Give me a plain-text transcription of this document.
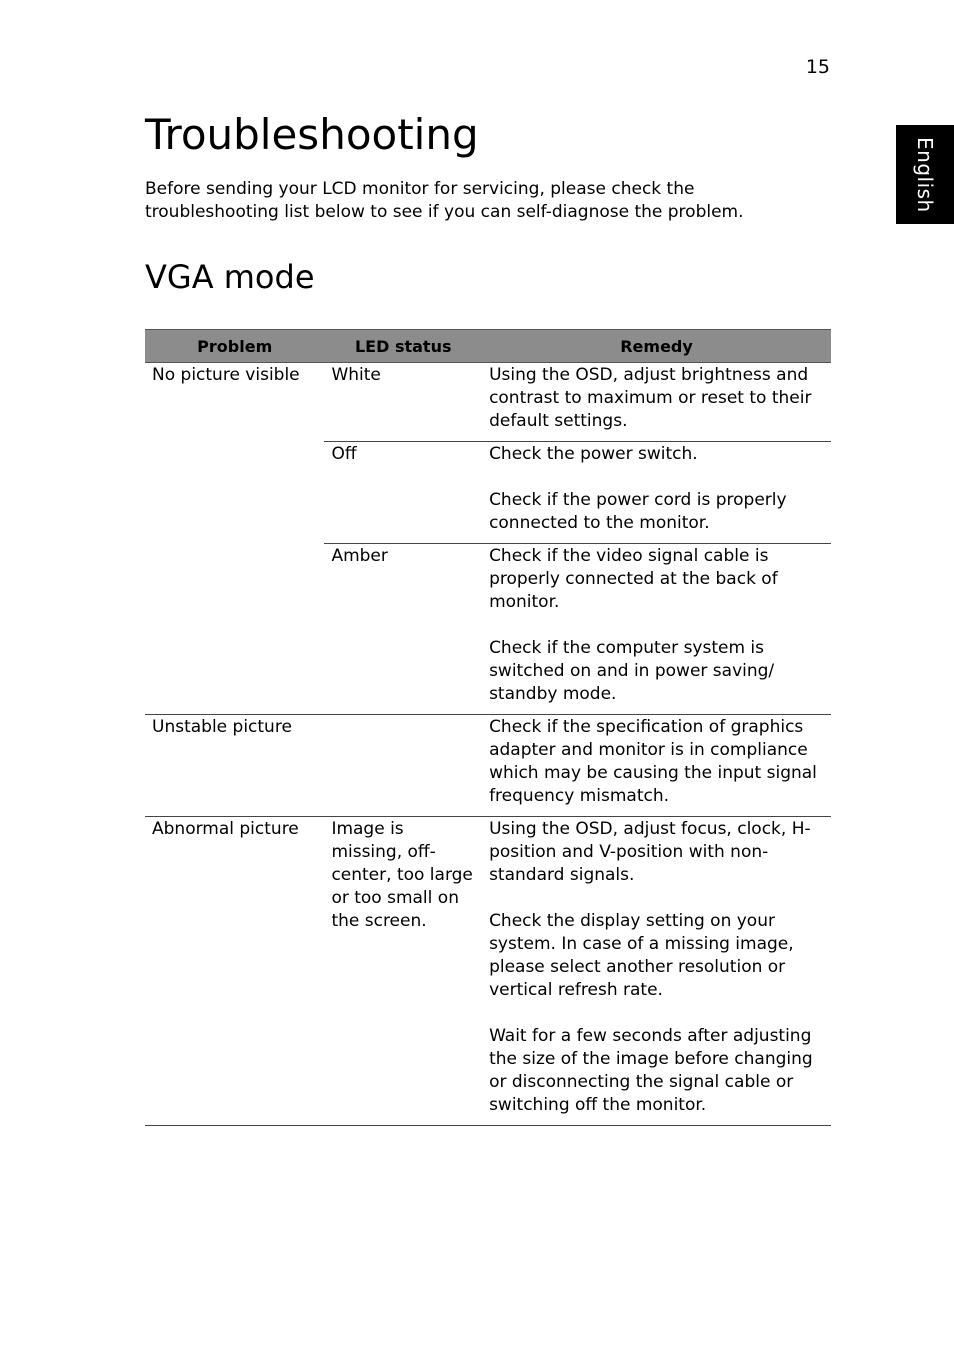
15
English
Troubleshooting

Before sending your LCD monitor for servicing, please check the troubleshooting list below to see if you can self-diagnose the problem.

VGA mode
Problem	LED status	Remedy
No picture visible	White	Using the OSD, adjust brightness and contrast to maximum or reset to their default settings.

	Off	Check the power switch.

Check if the power cord is properly connected to the monitor.

	Amber	Check if the video signal cable is properly connected at the back of monitor.

Check if the computer system is switched on and in power saving/ standby mode.

Unstable picture		Check if the specification of graphics adapter and monitor is in compliance which may be causing the input signal frequency mismatch.

Abnormal picture	Image is missing, off-center, too large or too small on the screen.	Using the OSD, adjust focus, clock, H-position and V-position with non-standard signals.

Check the display setting on your system. In case of a missing image, please select another resolution or vertical refresh rate.

Wait for a few seconds after adjusting the size of the image before changing or disconnecting the signal cable or switching off the monitor.
